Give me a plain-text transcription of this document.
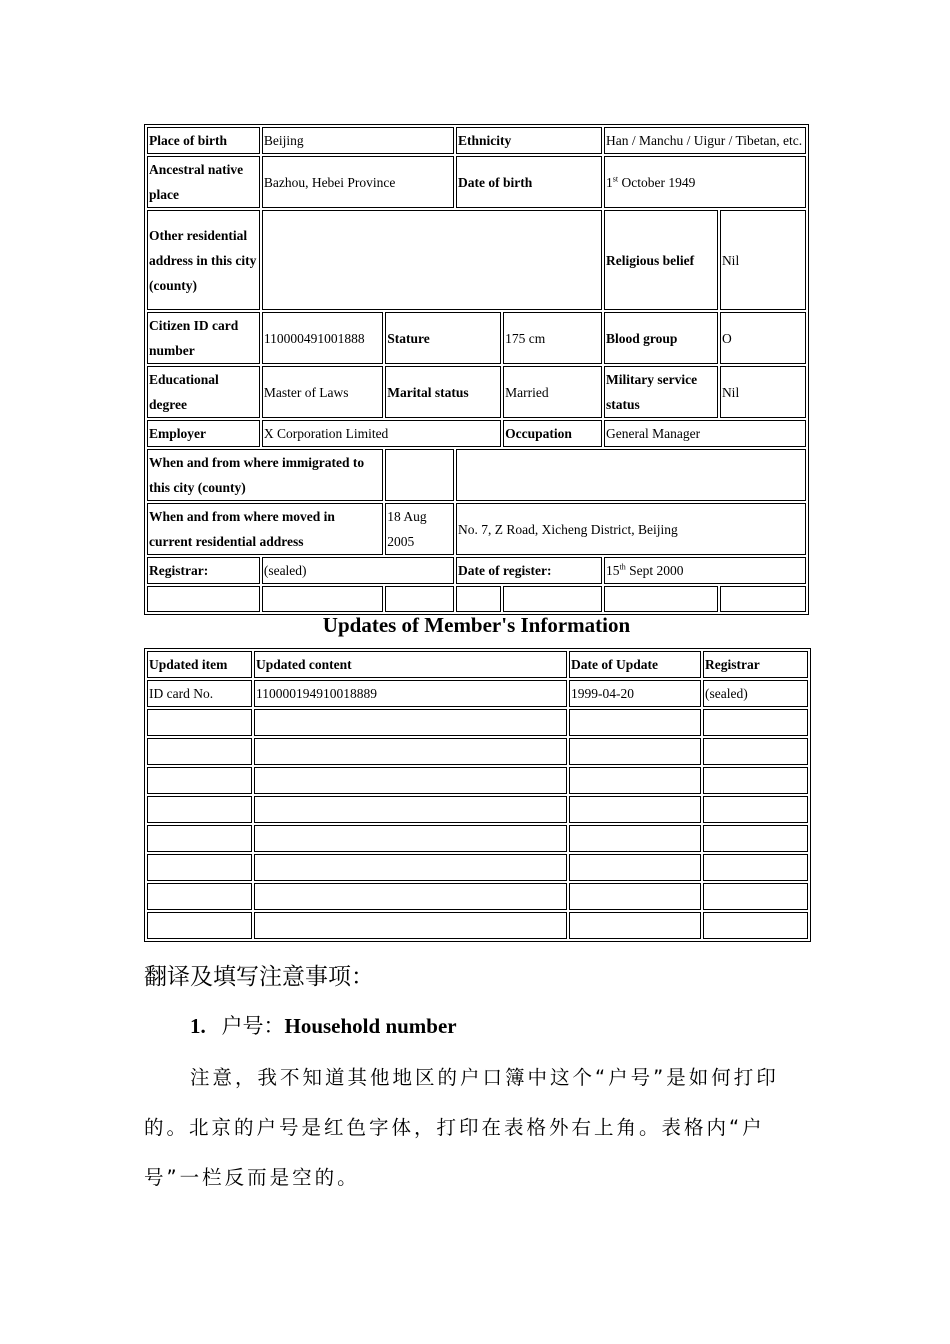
Place of birth	Beijing		Ethnicity		Han / Manchu / Uigur / Tibetan, etc.	
Ancestral native place	Bazhou, Hebei Province		Date of birth		1st October 1949	
Other residential address in this city (county)					Religious belief	Nil
Citizen ID card number	110000491001888	Stature		175 cm	Blood group	O
Educational degree	Master of Laws	Marital status		Married	Military service status	Nil
Employer	X Corporation Limited			Occupation	General Manager	
When and from where immigrated to this city (county)						
When and from where moved in current residential address		18 Aug 2005	No. 7, Z Road, Xicheng District, Beijing			
Registrar:	(sealed)		Date of register:		15th Sept 2000	

Updates of Member's Information
Updated item	Updated content	Date of Update	Registrar
ID card No.	110000194910018889	1999-04-20	(sealed)

翻译及填写注意事项：
1. 户号：Household number

注意，我不知道其他地区的户口簿中这个“户号”是如何打印的。北京的户号是红色字体，打印在表格外右上角。表格内“户号”一栏反而是空的。
